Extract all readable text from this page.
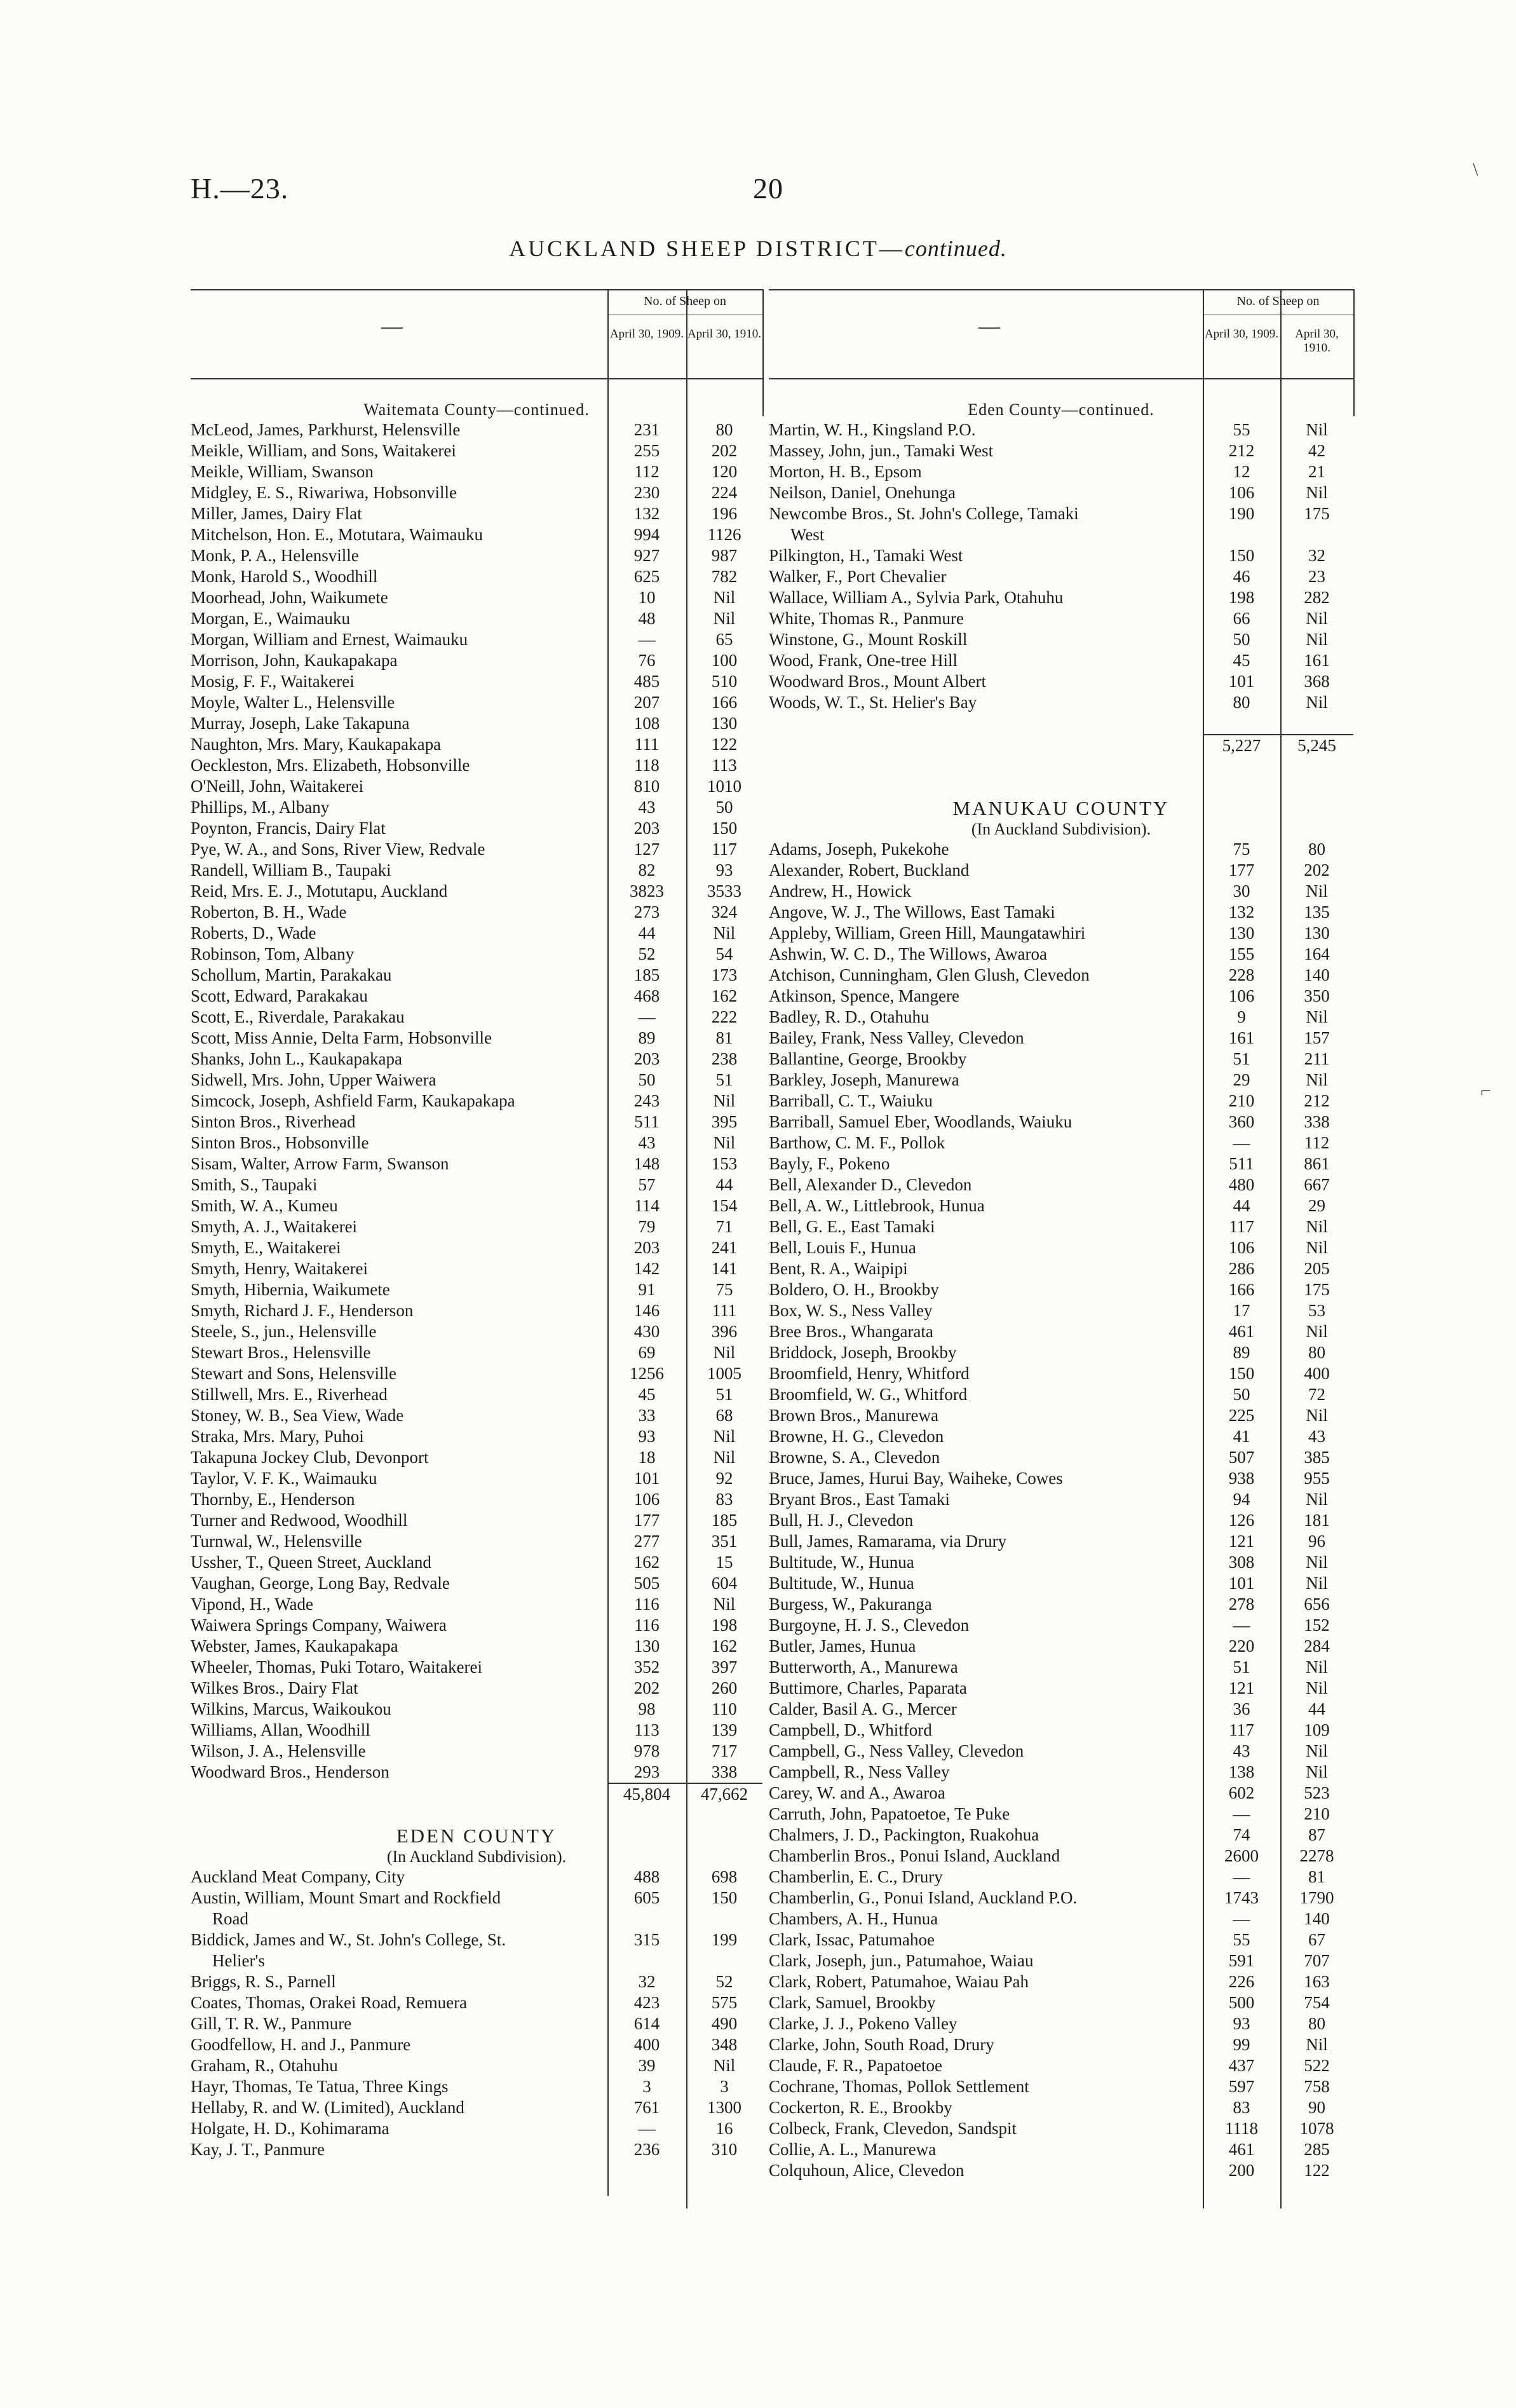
H.—23.	20
AUCKLAND SHEEP DISTRICT—continued.
—
No. of Sheep on
April 30, 1909. April 30, 1910.
Waitemata County—continued.
McLeod, James, Parkhurst, Helensville	231	80
Meikle, William, and Sons, Waitakerei	255	202
Meikle, William, Swanson	112	120
Midgley, E. S., Riwariwa, Hobsonville	230	224
Miller, James, Dairy Flat	132	196
Mitchelson, Hon. E., Motutara, Waimauku	994	1126
Monk, P. A., Helensville	927	987
Monk, Harold S., Woodhill	625	782
Moorhead, John, Waikumete	10	Nil
Morgan, E., Waimauku	48	Nil
Morgan, William and Ernest, Waimauku	—	65
Morrison, John, Kaukapakapa	76	100
Mosig, F. F., Waitakerei	485	510
Moyle, Walter L., Helensville	207	166
Murray, Joseph, Lake Takapuna	108	130
Naughton, Mrs. Mary, Kaukapakapa	111	122
Oeckleston, Mrs. Elizabeth, Hobsonville	118	113
O'Neill, John, Waitakerei	810	1010
Phillips, M., Albany	43	50
Poynton, Francis, Dairy Flat	203	150
Pye, W. A., and Sons, River View, Redvale	127	117
Randell, William B., Taupaki	82	93
Reid, Mrs. E. J., Motutapu, Auckland	3823	3533
Roberton, B. H., Wade	273	324
Roberts, D., Wade	44	Nil
Robinson, Tom, Albany	52	54
Schollum, Martin, Parakakau	185	173
Scott, Edward, Parakakau	468	162
Scott, E., Riverdale, Parakakau	—	222
Scott, Miss Annie, Delta Farm, Hobsonville	89	81
Shanks, John L., Kaukapakapa	203	238
Sidwell, Mrs. John, Upper Waiwera	50	51
Simcock, Joseph, Ashfield Farm, Kaukapakapa	243	Nil
Sinton Bros., Riverhead	511	395
Sinton Bros., Hobsonville	43	Nil
Sisam, Walter, Arrow Farm, Swanson	148	153
Smith, S., Taupaki	57	44
Smith, W. A., Kumeu	114	154
Smyth, A. J., Waitakerei	79	71
Smyth, E., Waitakerei	203	241
Smyth, Henry, Waitakerei	142	141
Smyth, Hibernia, Waikumete	91	75
Smyth, Richard J. F., Henderson	146	111
Steele, S., jun., Helensville	430	396
Stewart Bros., Helensville	69	Nil
Stewart and Sons, Helensville	1256	1005
Stillwell, Mrs. E., Riverhead	45	51
Stoney, W. B., Sea View, Wade	33	68
Straka, Mrs. Mary, Puhoi	93	Nil
Takapuna Jockey Club, Devonport	18	Nil
Taylor, V. F. K., Waimauku	101	92
Thornby, E., Henderson	106	83
Turner and Redwood, Woodhill	177	185
Turnwal, W., Helensville	277	351
Ussher, T., Queen Street, Auckland	162	15
Vaughan, George, Long Bay, Redvale	505	604
Vipond, H., Wade	116	Nil
Waiwera Springs Company, Waiwera	116	198
Webster, James, Kaukapakapa	130	162
Wheeler, Thomas, Puki Totaro, Waitakerei	352	397
Wilkes Bros., Dairy Flat	202	260
Wilkins, Marcus, Waikoukou	98	110
Williams, Allan, Woodhill	113	139
Wilson, J. A., Helensville	978	717
Woodward Bros., Henderson	293	338
45,804	47,662
EDEN COUNTY
(In Auckland Subdivision).
Auckland Meat Company, City	488	698
Austin, William, Mount Smart and Rockfield	605	150
Road
Biddick, James and W., St. John's College, St.	315	199
Helier's
Briggs, R. S., Parnell	32	52
Coates, Thomas, Orakei Road, Remuera	423	575
Gill, T. R. W., Panmure	614	490
Goodfellow, H. and J., Panmure	400	348
Graham, R., Otahuhu	39	Nil
Hayr, Thomas, Te Tatua, Three Kings	3	3
Hellaby, R. and W. (Limited), Auckland	761	1300
Holgate, H. D., Kohimarama	—	16
Kay, J. T., Panmure	236	310
—
No. of Sheep on
April 30, 1909.	April 30, 1910.
Eden County—continued.
Martin, W. H., Kingsland P.O.	55	Nil
Massey, John, jun., Tamaki West	212	42
Morton, H. B., Epsom	12	21
Neilson, Daniel, Onehunga	106	Nil
Newcombe Bros., St. John's College, Tamaki	190	175
West
Pilkington, H., Tamaki West	150	32
Walker, F., Port Chevalier	46	23
Wallace, William A., Sylvia Park, Otahuhu	198	282
White, Thomas R., Panmure	66	Nil
Winstone, G., Mount Roskill	50	Nil
Wood, Frank, One-tree Hill	45	161
Woodward Bros., Mount Albert	101	368
Woods, W. T., St. Helier's Bay	80	Nil
5,227	5,245
MANUKAU COUNTY
(In Auckland Subdivision).
Adams, Joseph, Pukekohe	75	80
Alexander, Robert, Buckland	177	202
Andrew, H., Howick	30	Nil
Angove, W. J., The Willows, East Tamaki	132	135
Appleby, William, Green Hill, Maungatawhiri	130	130
Ashwin, W. C. D., The Willows, Awaroa	155	164
Atchison, Cunningham, Glen Glush, Clevedon	228	140
Atkinson, Spence, Mangere	106	350
Badley, R. D., Otahuhu	9	Nil
Bailey, Frank, Ness Valley, Clevedon	161	157
Ballantine, George, Brookby	51	211
Barkley, Joseph, Manurewa	29	Nil
Barriball, C. T., Waiuku	210	212
Barriball, Samuel Eber, Woodlands, Waiuku	360	338
Barthow, C. M. F., Pollok	—	112
Bayly, F., Pokeno	511	861
Bell, Alexander D., Clevedon	480	667
Bell, A. W., Littlebrook, Hunua	44	29
Bell, G. E., East Tamaki	117	Nil
Bell, Louis F., Hunua	106	Nil
Bent, R. A., Waipipi	286	205
Boldero, O. H., Brookby	166	175
Box, W. S., Ness Valley	17	53
Bree Bros., Whangarata	461	Nil
Briddock, Joseph, Brookby	89	80
Broomfield, Henry, Whitford	150	400
Broomfield, W. G., Whitford	50	72
Brown Bros., Manurewa	225	Nil
Browne, H. G., Clevedon	41	43
Browne, S. A., Clevedon	507	385
Bruce, James, Hurui Bay, Waiheke, Cowes	938	955
Bryant Bros., East Tamaki	94	Nil
Bull, H. J., Clevedon	126	181
Bull, James, Ramarama, via Drury	121	96
Bultitude, W., Hunua	308	Nil
Bultitude, W., Hunua	101	Nil
Burgess, W., Pakuranga	278	656
Burgoyne, H. J. S., Clevedon	—	152
Butler, James, Hunua	220	284
Butterworth, A., Manurewa	51	Nil
Buttimore, Charles, Paparata	121	Nil
Calder, Basil A. G., Mercer	36	44
Campbell, D., Whitford	117	109
Campbell, G., Ness Valley, Clevedon	43	Nil
Campbell, R., Ness Valley	138	Nil
Carey, W. and A., Awaroa	602	523
Carruth, John, Papatoetoe, Te Puke	—	210
Chalmers, J. D., Packington, Ruakohua	74	87
Chamberlin Bros., Ponui Island, Auckland	2600	2278
Chamberlin, E. C., Drury	—	81
Chamberlin, G., Ponui Island, Auckland P.O.	1743	1790
Chambers, A. H., Hunua	—	140
Clark, Issac, Patumahoe	55	67
Clark, Joseph, jun., Patumahoe, Waiau	591	707
Clark, Robert, Patumahoe, Waiau Pah	226	163
Clark, Samuel, Brookby	500	754
Clarke, J. J., Pokeno Valley	93	80
Clarke, John, South Road, Drury	99	Nil
Claude, F. R., Papatoetoe	437	522
Cochrane, Thomas, Pollok Settlement	597	758
Cockerton, R. E., Brookby	83	90
Colbeck, Frank, Clevedon, Sandspit	1118	1078
Collie, A. L., Manurewa	461	285
Colquhoun, Alice, Clevedon	200	122
\
⌐
